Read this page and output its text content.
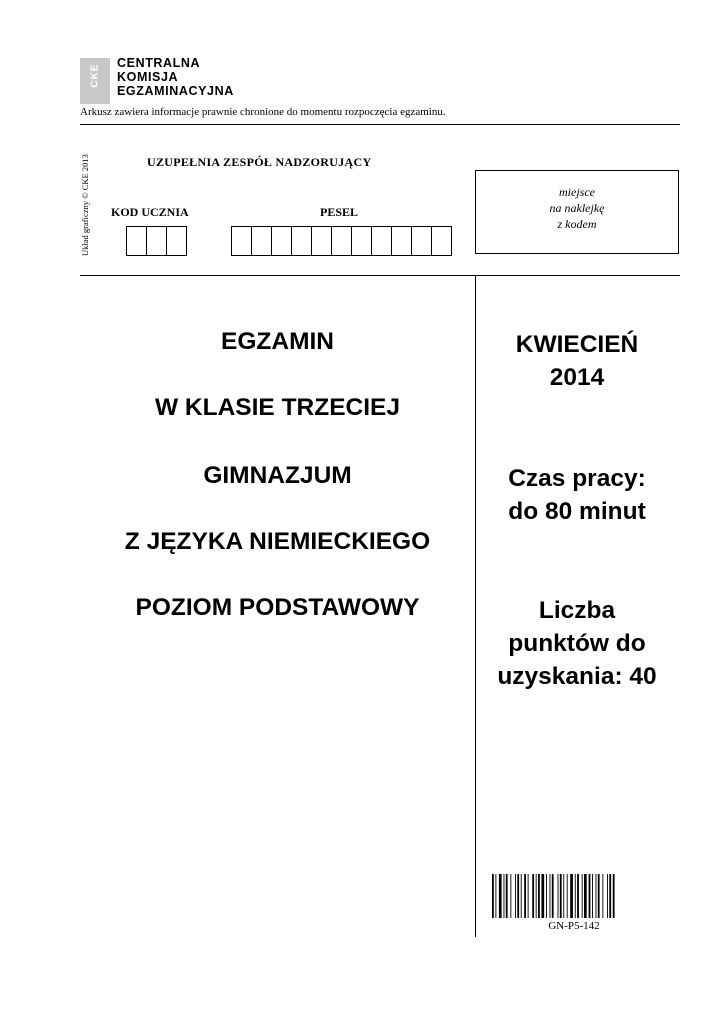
CKE
CENTRALNA
KOMISJA
EGZAMINACYJNA
Arkusz zawiera informacje prawnie chronione do momentu rozpoczęcia egzaminu.
Układ graficzny © CKE 2013	UZUPEŁNIA ZESPÓŁ NADZORUJĄCY
KOD UCZNIA	PESEL
miejsce
na naklejkę
z kodem
EGZAMIN
W KLASIE TRZECIEJ
GIMNAZJUM
Z JĘZYKA NIEMIECKIEGO
POZIOM PODSTAWOWY
KWIECIEŃ
2014
Czas pracy:
do 80 minut
Liczba
punktów do
uzyskania: 40
GN-P5-142
